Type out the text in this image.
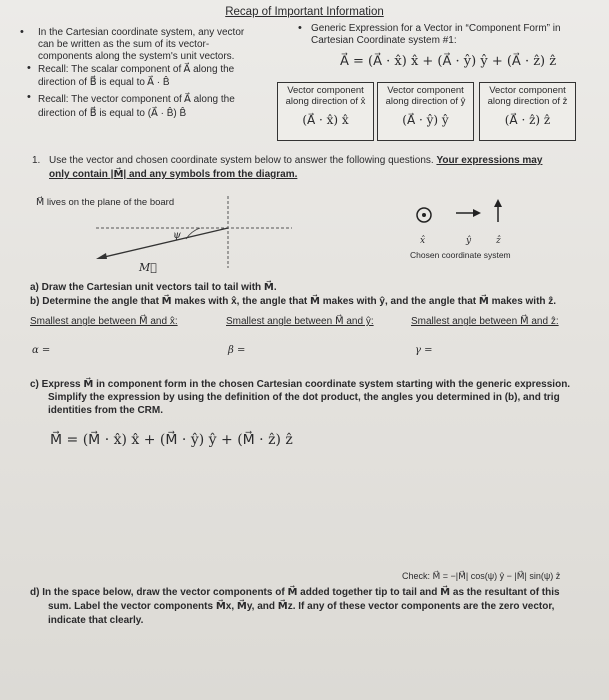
Recap of Important Information
• In the Cartesian coordinate system, any vector
can be written as the sum of its vector-
components along the system's unit vectors.
• Recall: The scalar component of A⃗ along the
direction of B⃗ is equal to A⃗ · B̂
• Recall: The vector component of A⃗ along the
direction of B⃗ is equal to (A⃗ · B̂) B̂
• Generic Expression for a Vector in “Component Form” in
Cartesian Coordinate system #1:
A⃗ = (A⃗ · x̂) x̂ + (A⃗ · ŷ) ŷ + (A⃗ · ẑ) ẑ
Vector component
along direction of x̂
(A⃗ · x̂) x̂
Vector component
along direction of ŷ
(A⃗ · ŷ) ŷ
Vector component
along direction of ẑ
(A⃗ · ẑ) ẑ
1. Use the vector and chosen coordinate system below to answer the following questions. Your expressions may
only contain |M⃗| and any symbols from the diagram.
M⃗ lives on the plane of the board
ψ
M⃗
x̂	ŷ	ẑ
Chosen coordinate system
a) Draw the Cartesian unit vectors tail to tail with M⃗.
b) Determine the angle that M⃗ makes with x̂, the angle that M⃗ makes with ŷ, and the angle that M⃗ makes with ẑ.
Smallest angle between M⃗ and x̂:	Smallest angle between M⃗ and ŷ:	Smallest angle between M⃗ and ẑ:
α =	β =	γ =
c) Express M⃗ in component form in the chosen Cartesian coordinate system starting with the generic expression.
Simplify the expression by using the definition of the dot product, the angles you determined in (b), and trig
identities from the CRM.
M⃗ = (M⃗ · x̂) x̂ + (M⃗ · ŷ) ŷ + (M⃗ · ẑ) ẑ
Check: M⃗ = −|M⃗| cos(ψ) ŷ − |M⃗| sin(ψ) ẑ
d) In the space below, draw the vector components of M⃗ added together tip to tail and M⃗ as the resultant of this
sum. Label the vector components M⃗x, M⃗y, and M⃗z. If any of these vector components are the zero vector,
indicate that clearly.
